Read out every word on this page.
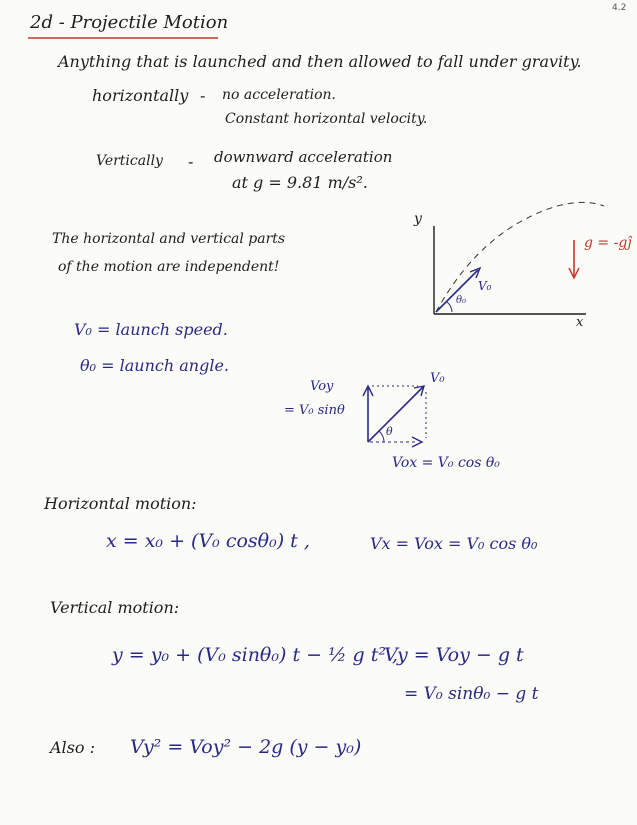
4.2
2d - Projectile Motion
Anything that is launched and then allowed to fall under gravity.
horizontally - no acceleration.
Constant horizontal velocity.
Vertically - downward acceleration
at g = 9.81 m/s².
The horizontal and vertical parts
of the motion are independent!
V₀ = launch speed.
θ₀ = launch angle.
y
x
V₀
θ₀
g = -gĵ
Voy
= V₀ sinθ
V₀
θ
Vox = V₀ cos θ₀
Horizontal motion:
x = x₀ + (V₀ cosθ₀) t ,	Vx = Vox = V₀ cos θ₀
Vertical motion:
y = y₀ + (V₀ sinθ₀) t − ½ g t² ,
Vy = Voy − g t
= V₀ sinθ₀ − g t
Also : Vy² = Voy² − 2g (y − y₀)
